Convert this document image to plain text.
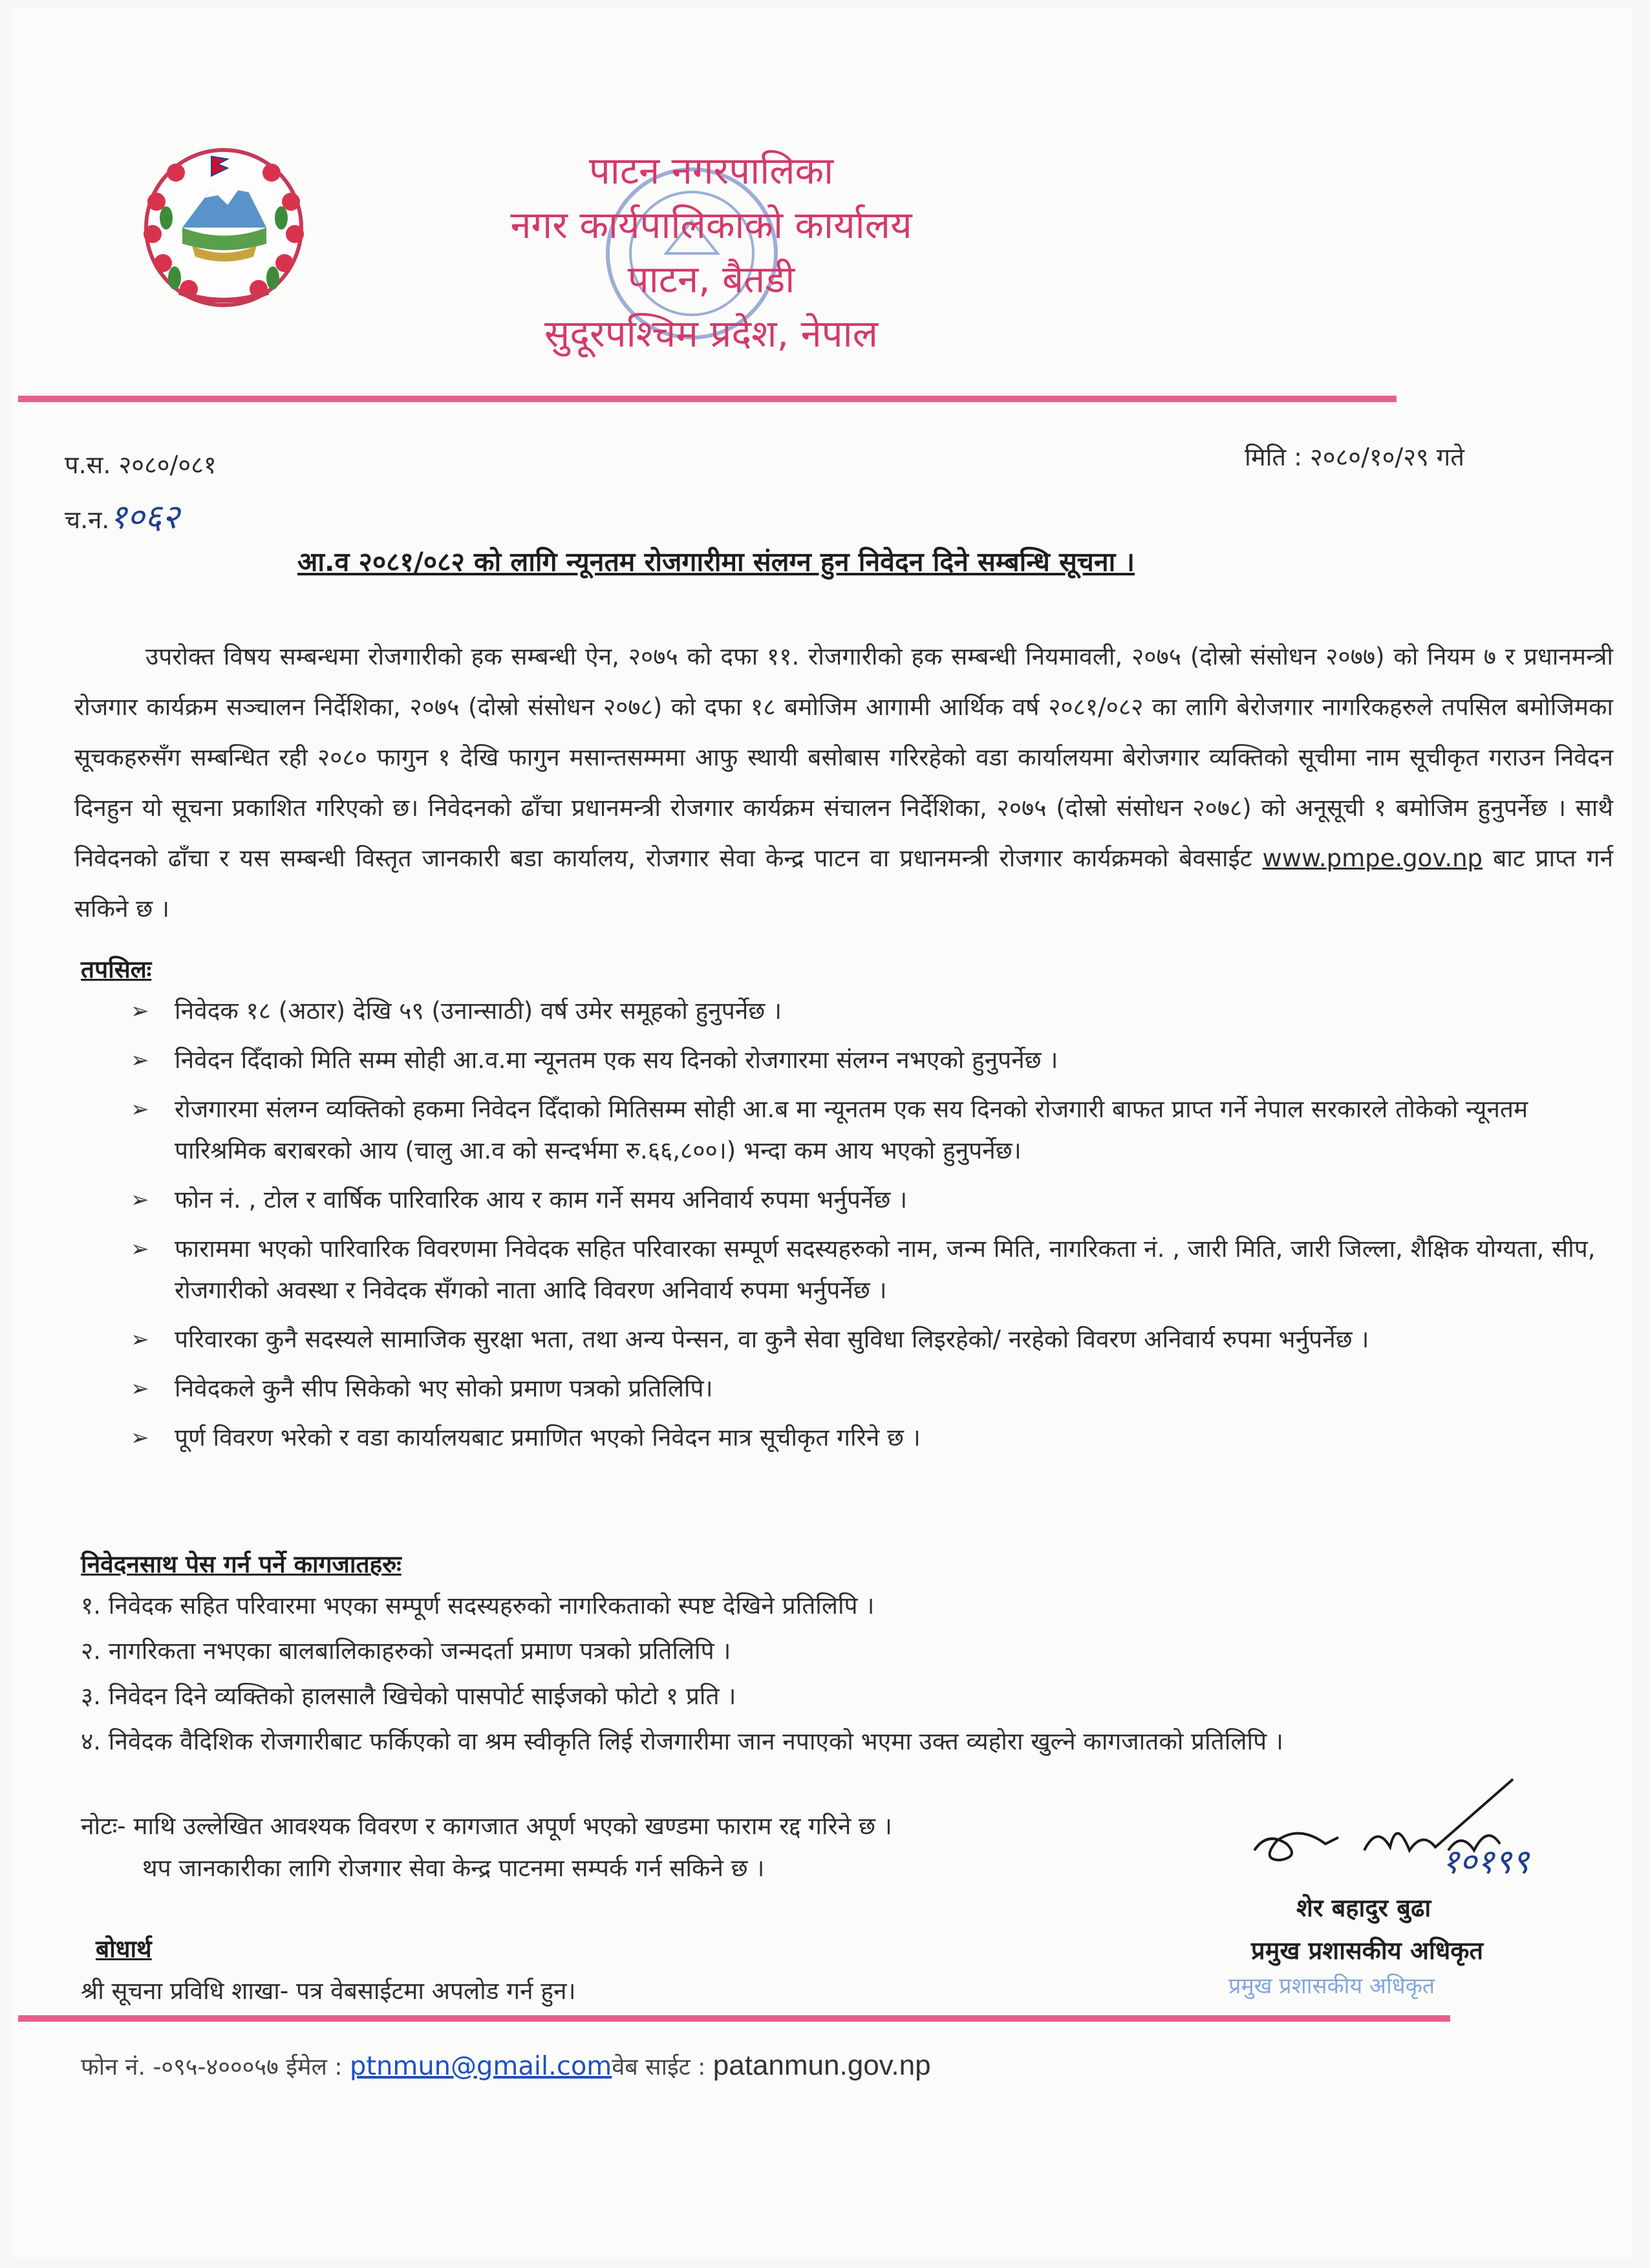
पाटन नगरपालिका
नगर कार्यपालिकाको कार्यालय
पाटन, बैतडी
सुदूरपश्चिम प्रदेश, नेपाल
प.स. २०८०/०८१
च.न.१०६२
मिति : २०८०/१०/२९ गते
आ.व २०८१/०८२ को लागि न्यूनतम रोजगारीमा संलग्न हुन निवेदन दिने सम्बन्धि सूचना ।
उपरोक्त विषय सम्बन्धमा रोजगारीको हक सम्बन्धी ऐन, २०७५ को दफा ११. रोजगारीको हक सम्बन्धी नियमावली, २०७५ (दोस्रो संसोधन २०७७) को नियम ७ र प्रधानमन्त्री रोजगार कार्यक्रम सञ्चालन निर्देशिका, २०७५ (दोस्रो संसोधन २०७८) को दफा १८ बमोजिम आगामी आर्थिक वर्ष २०८१/०८२ का लागि बेरोजगार नागरिकहरुले तपसिल बमोजिमका सूचकहरुसँग सम्बन्धित रही २०८० फागुन १ देखि फागुन मसान्तसम्ममा आफु स्थायी बसोबास गरिरहेको वडा कार्यालयमा बेरोजगार व्यक्तिको सूचीमा नाम सूचीकृत गराउन निवेदन दिनहुन यो सूचना प्रकाशित गरिएको छ। निवेदनको ढाँचा प्रधानमन्त्री रोजगार कार्यक्रम संचालन निर्देशिका, २०७५ (दोस्रो संसोधन २०७८) को अनूसूची १ बमोजिम हुनुपर्नेछ । साथै निवेदनको ढाँचा र यस सम्बन्धी विस्तृत जानकारी बडा कार्यालय, रोजगार सेवा केन्द्र पाटन वा प्रधानमन्त्री रोजगार कार्यक्रमको बेवसाईट www.pmpe.gov.np बाट प्राप्त गर्न सकिने छ ।
तपसिलः
➢ निवेदक १८ (अठार) देखि ५९ (उनान्साठी) वर्ष उमेर समूहको हुनुपर्नेछ ।
➢ निवेदन दिँदाको मिति सम्म सोही आ.व.मा न्यूनतम एक सय दिनको रोजगारमा संलग्न नभएको हुनुपर्नेछ ।
➢ रोजगारमा संलग्न व्यक्तिको हकमा निवेदन दिँदाको मितिसम्म सोही आ.ब मा न्यूनतम एक सय दिनको रोजगारी बाफत प्राप्त गर्ने नेपाल सरकारले तोकेको न्यूनतम पारिश्रमिक बराबरको आय (चालु आ.व को सन्दर्भमा रु.६६,८००।) भन्दा कम आय भएको हुनुपर्नेछ।
➢ फोन नं. , टोल र वार्षिक पारिवारिक आय र काम गर्ने समय अनिवार्य रुपमा भर्नुपर्नेछ ।
➢ फाराममा भएको पारिवारिक विवरणमा निवेदक सहित परिवारका सम्पूर्ण सदस्यहरुको नाम, जन्म मिति, नागरिकता नं. , जारी मिति, जारी जिल्ला, शैक्षिक योग्यता, सीप, रोजगारीको अवस्था र निवेदक सँगको नाता आदि विवरण अनिवार्य रुपमा भर्नुपर्नेछ ।
➢ परिवारका कुनै सदस्यले सामाजिक सुरक्षा भता, तथा अन्य पेन्सन, वा कुनै सेवा सुविधा लिइरहेको/ नरहेको विवरण अनिवार्य रुपमा भर्नुपर्नेछ ।
➢ निवेदकले कुनै सीप सिकेको भए सोको प्रमाण पत्रको प्रतिलिपि।
➢ पूर्ण विवरण भरेको र वडा कार्यालयबाट प्रमाणित भएको निवेदन मात्र सूचीकृत गरिने छ ।
निवेदनसाथ पेस गर्न पर्ने कागजातहरुः
१. निवेदक सहित परिवारमा भएका सम्पूर्ण सदस्यहरुको नागरिकताको स्पष्ट देखिने प्रतिलिपि ।
२. नागरिकता नभएका बालबालिकाहरुको जन्मदर्ता प्रमाण पत्रको प्रतिलिपि ।
३. निवेदन दिने व्यक्तिको हालसालै खिचेको पासपोर्ट साईजको फोटो १ प्रति ।
४. निवेदक वैदिशिक रोजगारीबाट फर्किएको वा श्रम स्वीकृति लिई रोजगारीमा जान नपाएको भएमा उक्त व्यहोरा खुल्ने कागजातको प्रतिलिपि ।
नोटः- माथि उल्लेखित आवश्यक विवरण र कागजात अपूर्ण भएको खण्डमा फाराम रद्द गरिने छ ।
थप जानकारीका लागि रोजगार सेवा केन्द्र पाटनमा सम्पर्क गर्न सकिने छ ।	१०१९९
शेर बहादुर बुढा
प्रमुख प्रशासकीय अधिकृत
प्रमुख प्रशासकीय अधिकृत
बोधार्थ
श्री सूचना प्रविधि शाखा- पत्र वेबसाईटमा अपलोड गर्न हुन।
फोन नं. -०९५-४०००५७ ईमेल : ptnmun@gmail.comवेब साईट : patanmun.gov.np
